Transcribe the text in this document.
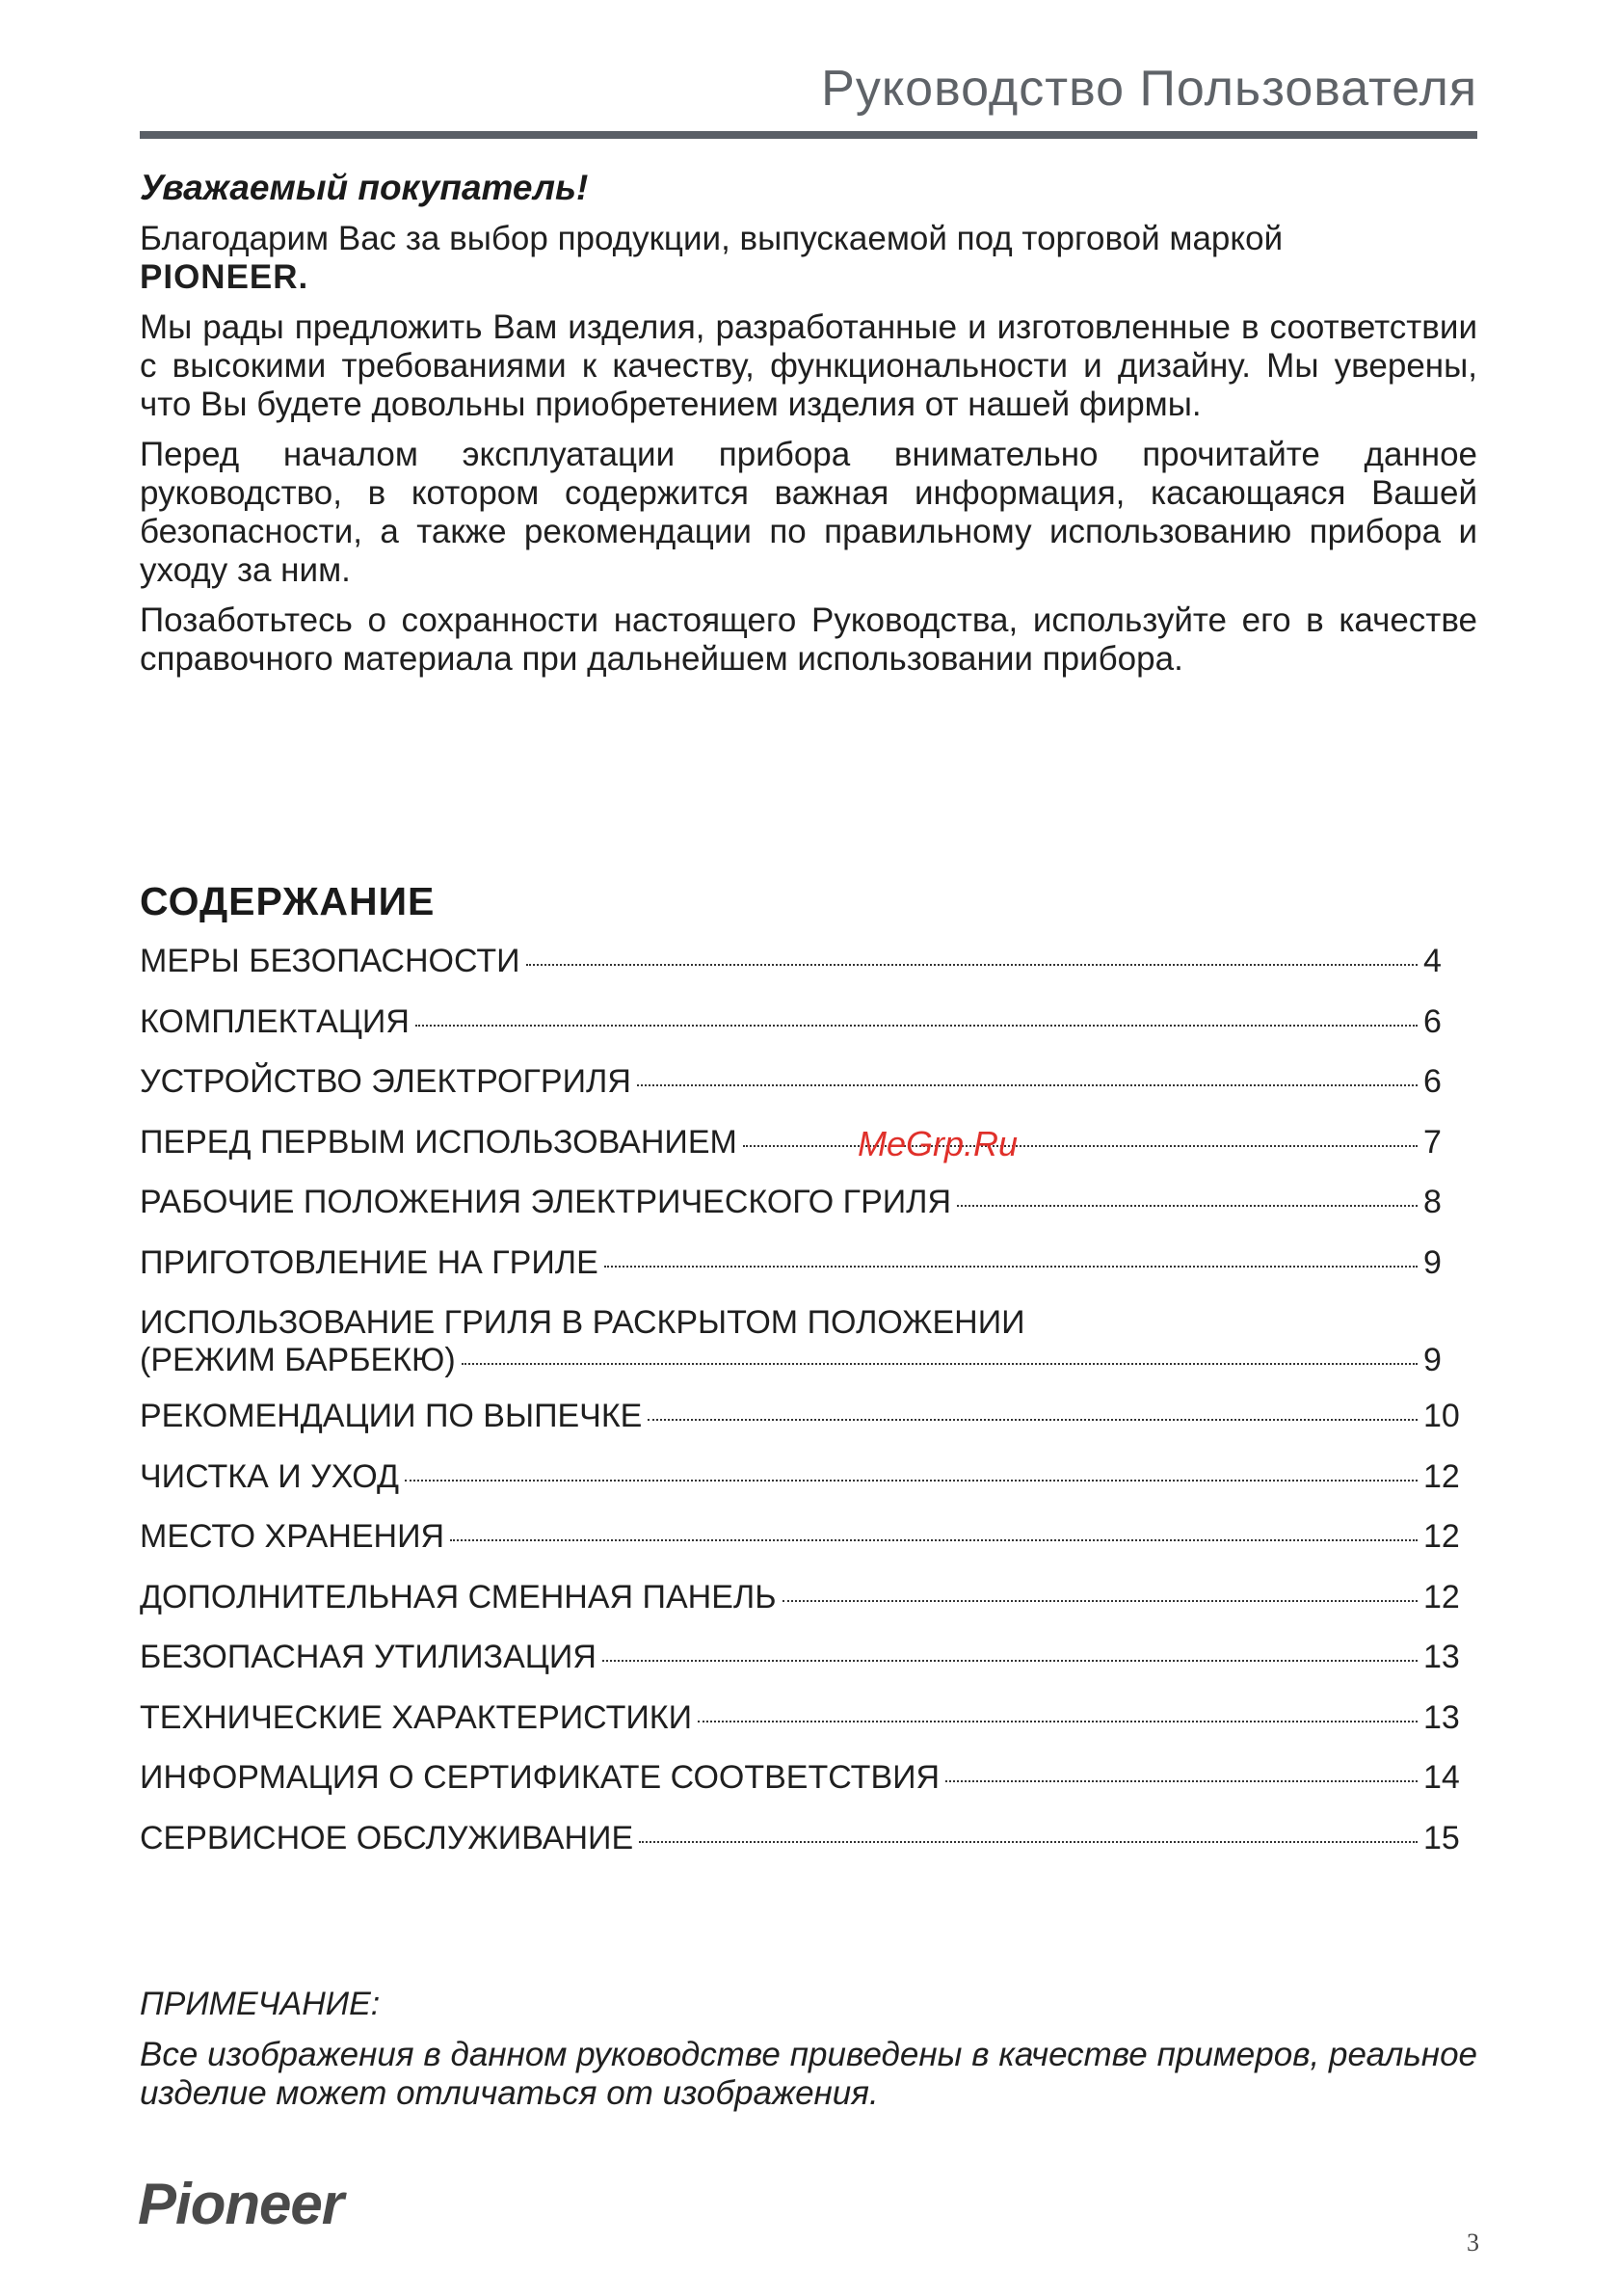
Руководство Пользователя
Уважаемый покупатель!

Благодарим Вас за выбор продукции, выпускаемой под торговой маркой
PIONEER.

Мы рады предложить Вам изделия, разработанные и изготовленные в соответствии с высокими требованиями к качеству, функциональности и дизайну. Мы уверены, что Вы будете довольны приобретением изделия от нашей фирмы.

Перед началом эксплуатации прибора внимательно прочитайте данное руководство, в котором содержится важная информация, касающаяся Вашей безопасности, а также рекомендации по правильному использованию прибора и уходу за ним.

Позаботьтесь о сохранности настоящего Руководства, используйте его в качестве справочного материала при дальнейшем использовании прибора.

СОДЕРЖАНИЕ
МЕРЫ БЕЗОПАСНОСТИ	4
КОМПЛЕКТАЦИЯ	6
УСТРОЙСТВО ЭЛЕКТРОГРИЛЯ	6
ПЕРЕД ПЕРВЫМ ИСПОЛЬЗОВАНИЕМ	7
РАБОЧИЕ ПОЛОЖЕНИЯ ЭЛЕКТРИЧЕСКОГО ГРИЛЯ	8
ПРИГОТОВЛЕНИЕ НА ГРИЛЕ	9
ИСПОЛЬЗОВАНИЕ ГРИЛЯ В РАСКРЫТОМ ПОЛОЖЕНИИ
(РЕЖИМ БАРБЕКЮ)	9
РЕКОМЕНДАЦИИ ПО ВЫПЕЧКЕ	10
ЧИСТКА И УХОД	12
МЕСТО ХРАНЕНИЯ	12
ДОПОЛНИТЕЛЬНАЯ СМЕННАЯ ПАНЕЛЬ	12
БЕЗОПАСНАЯ УТИЛИЗАЦИЯ	13
ТЕХНИЧЕСКИЕ ХАРАКТЕРИСТИКИ	13
ИНФОРМАЦИЯ О СЕРТИФИКАТЕ СООТВЕТСТВИЯ	14
СЕРВИСНОЕ ОБСЛУЖИВАНИЕ	15
MeGrp.Ru
ПРИМЕЧАНИЕ:
Все изображения в данном руководстве приведены в качестве примеров, реальное изделие может отличаться от изображения.
Pioneer
3
